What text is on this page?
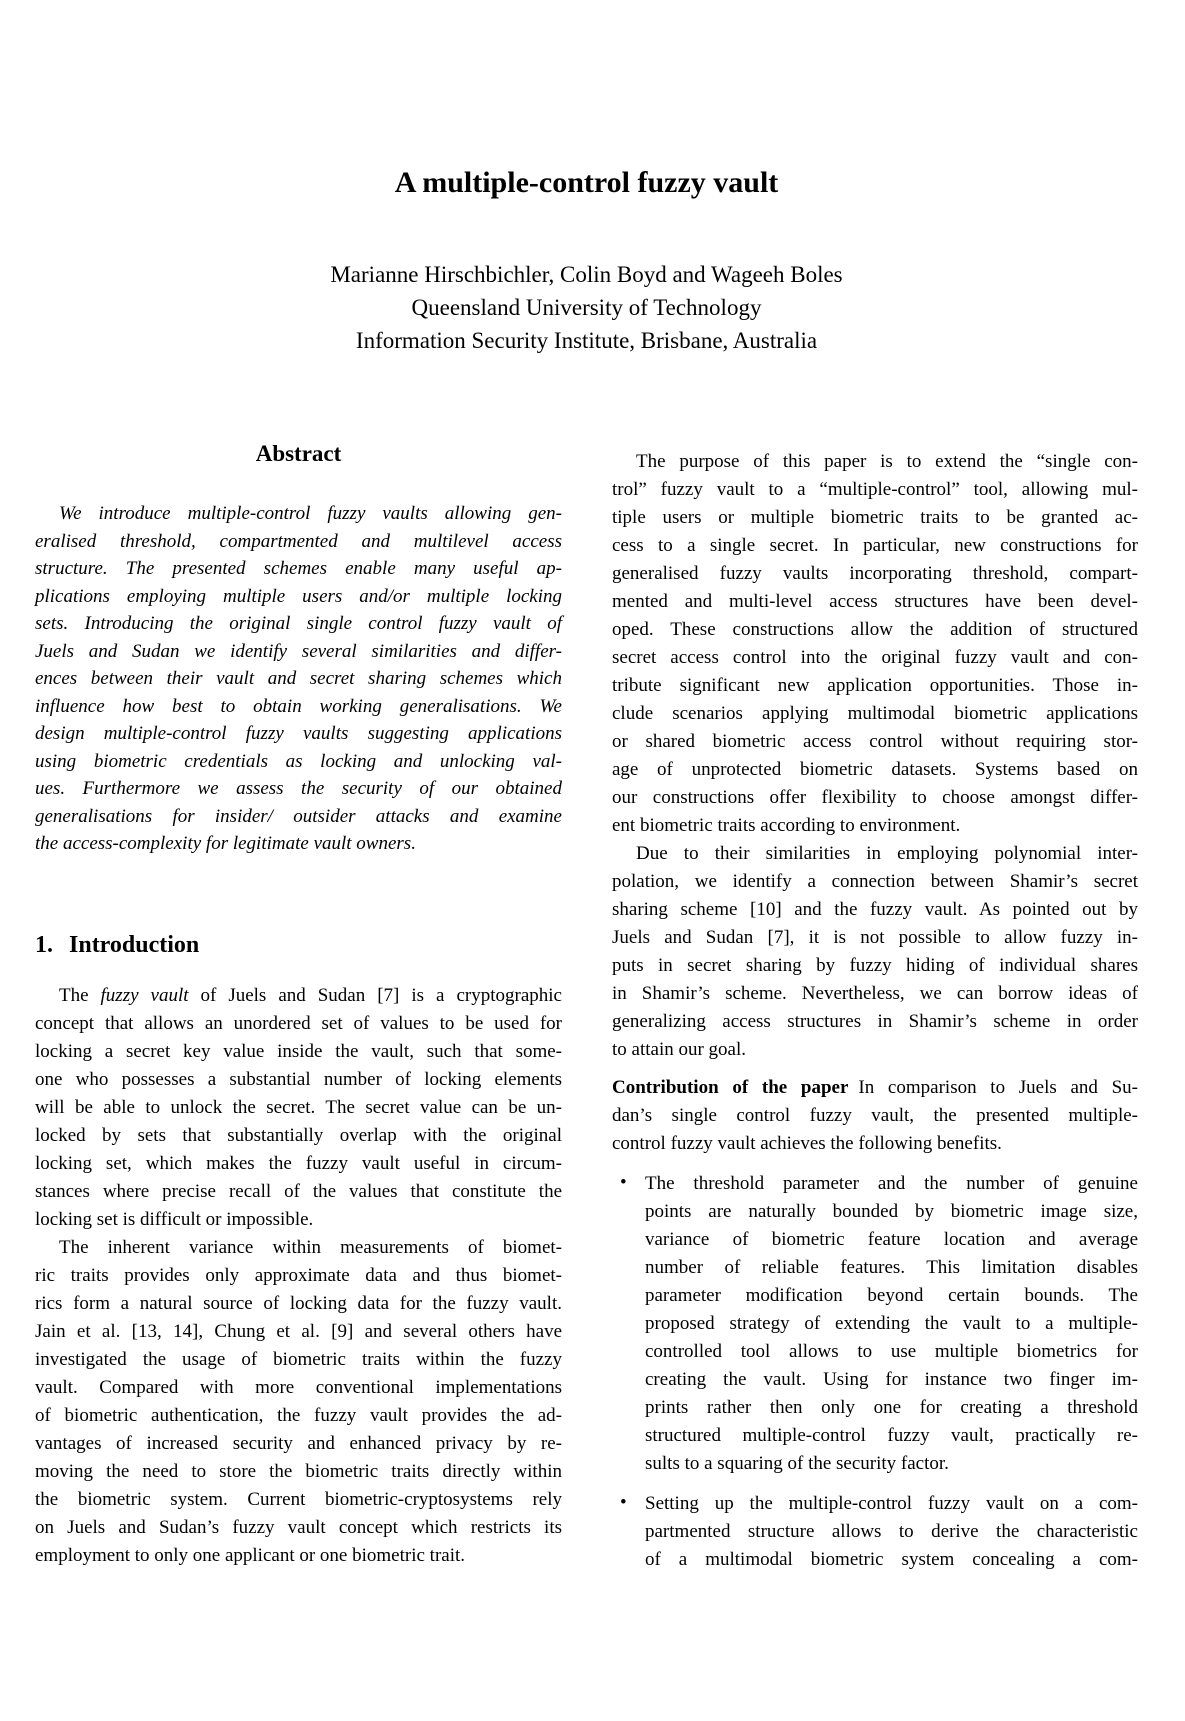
A multiple-control fuzzy vault
Marianne Hirschbichler, Colin Boyd and Wageeh Boles
Queensland University of Technology
Information Security Institute, Brisbane, Australia
Abstract
We introduce multiple-control fuzzy vaults allowing gen-
eralised threshold, compartmented and multilevel access
structure. The presented schemes enable many useful ap-
plications employing multiple users and/or multiple locking
sets. Introducing the original single control fuzzy vault of
Juels and Sudan we identify several similarities and differ-
ences between their vault and secret sharing schemes which
influence how best to obtain working generalisations. We
design multiple-control fuzzy vaults suggesting applications
using biometric credentials as locking and unlocking val-
ues. Furthermore we assess the security of our obtained
generalisations for insider/ outsider attacks and examine
the access-complexity for legitimate vault owners.
1. Introduction
The fuzzy vault of Juels and Sudan [7] is a cryptographic
concept that allows an unordered set of values to be used for
locking a secret key value inside the vault, such that some-
one who possesses a substantial number of locking elements
will be able to unlock the secret. The secret value can be un-
locked by sets that substantially overlap with the original
locking set, which makes the fuzzy vault useful in circum-
stances where precise recall of the values that constitute the
locking set is difficult or impossible.
The inherent variance within measurements of biomet-
ric traits provides only approximate data and thus biomet-
rics form a natural source of locking data for the fuzzy vault.
Jain et al. [13, 14], Chung et al. [9] and several others have
investigated the usage of biometric traits within the fuzzy
vault. Compared with more conventional implementations
of biometric authentication, the fuzzy vault provides the ad-
vantages of increased security and enhanced privacy by re-
moving the need to store the biometric traits directly within
the biometric system. Current biometric-cryptosystems rely
on Juels and Sudan’s fuzzy vault concept which restricts its
employment to only one applicant or one biometric trait.
The purpose of this paper is to extend the “single con-
trol” fuzzy vault to a “multiple-control” tool, allowing mul-
tiple users or multiple biometric traits to be granted ac-
cess to a single secret. In particular, new constructions for
generalised fuzzy vaults incorporating threshold, compart-
mented and multi-level access structures have been devel-
oped. These constructions allow the addition of structured
secret access control into the original fuzzy vault and con-
tribute significant new application opportunities. Those in-
clude scenarios applying multimodal biometric applications
or shared biometric access control without requiring stor-
age of unprotected biometric datasets. Systems based on
our constructions offer flexibility to choose amongst differ-
ent biometric traits according to environment.
Due to their similarities in employing polynomial inter-
polation, we identify a connection between Shamir’s secret
sharing scheme [10] and the fuzzy vault. As pointed out by
Juels and Sudan [7], it is not possible to allow fuzzy in-
puts in secret sharing by fuzzy hiding of individual shares
in Shamir’s scheme. Nevertheless, we can borrow ideas of
generalizing access structures in Shamir’s scheme in order
to attain our goal.
Contribution of the paper In comparison to Juels and Su-
dan’s single control fuzzy vault, the presented multiple-
control fuzzy vault achieves the following benefits.
• The threshold parameter and the number of genuine
points are naturally bounded by biometric image size,
variance of biometric feature location and average
number of reliable features. This limitation disables
parameter modification beyond certain bounds. The
proposed strategy of extending the vault to a multiple-
controlled tool allows to use multiple biometrics for
creating the vault. Using for instance two finger im-
prints rather then only one for creating a threshold
structured multiple-control fuzzy vault, practically re-
sults to a squaring of the security factor.
• Setting up the multiple-control fuzzy vault on a com-
partmented structure allows to derive the characteristic
of a multimodal biometric system concealing a com-
